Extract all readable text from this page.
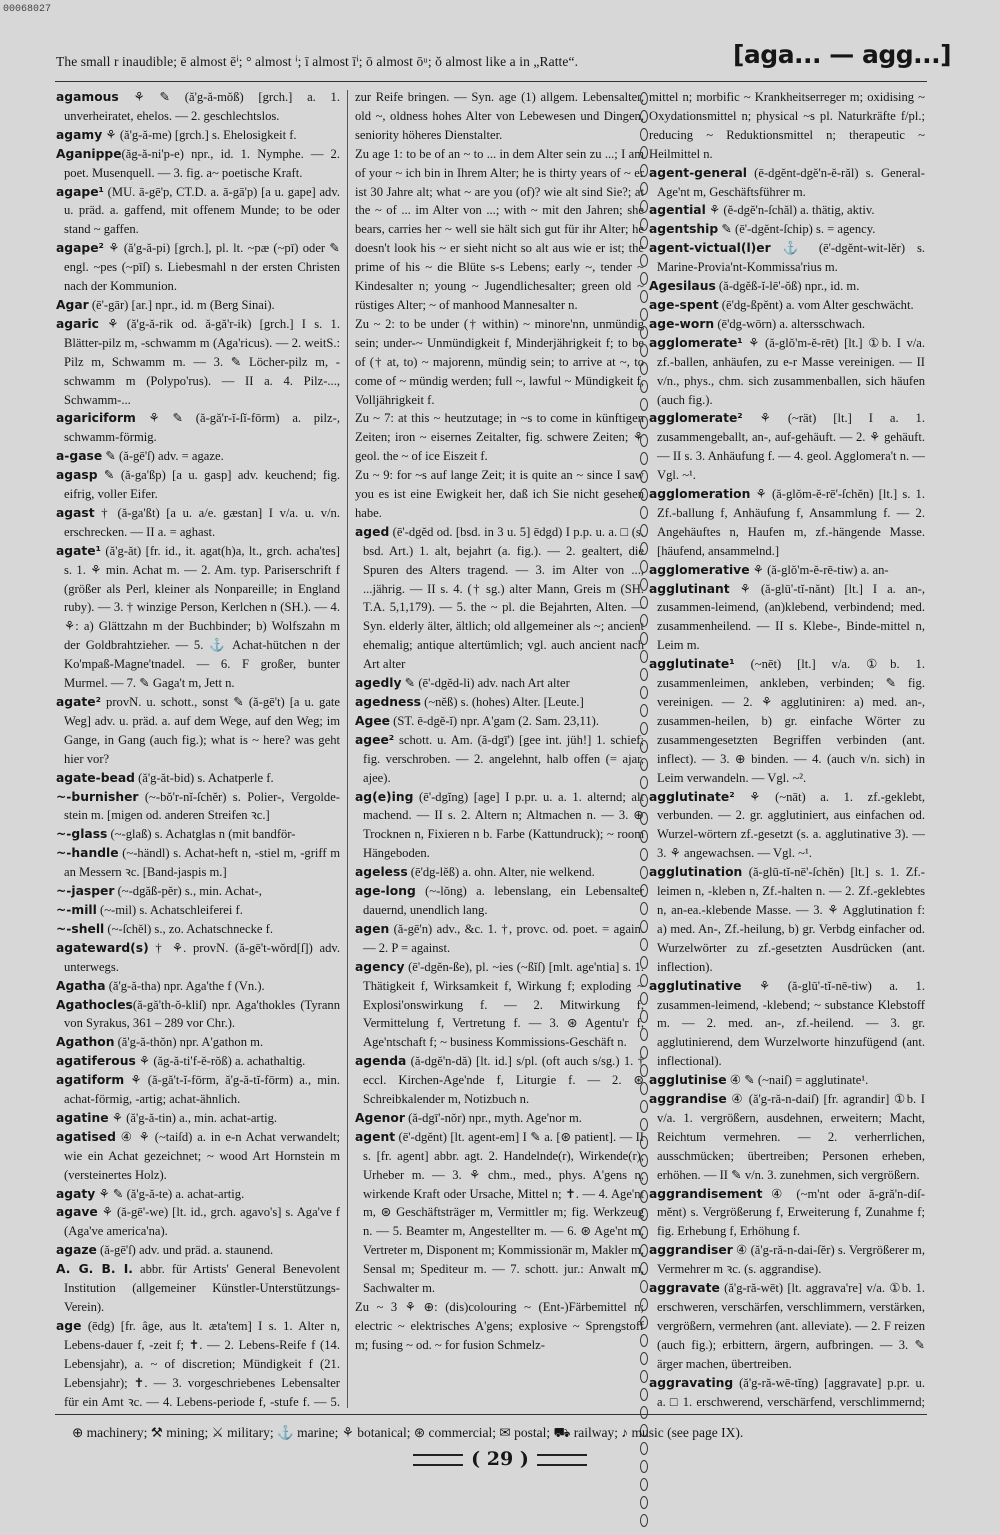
00068027
The small r inaudible; ē almost ēⁱ; ° almost ⁱ; ī almost īⁱ; ō almost ōᵘ; ŏ almost like a in „Ratte“.	[aga... — agg...]

agamous ⚘ ✎ (ă'g-ă-mŏß) [grch.] a. 1. unverheiratet, ehelos. — 2. geschlechtslos.

agamy ⚘ (ă'g-ă-me) [grch.] s. Ehelosigkeit f.

Aganippe(ăg-ă-ni'p-e) npr., id. 1. Nymphe. — 2. poet. Musenquell. — 3. fig. a~ poetische Kraft.

agape¹ (MU. ā-gē'p, CT.D. a. ā-gā'p) [a u. gape] adv. u. präd. a. gaffend, mit offenem Munde; to be oder stand ~ gaffen.

agape² ⚘ (ă'g-ă-pi) [grch.], pl. lt. ~pæ (~pī) oder ✎ engl. ~pes (~pīſ) s. Liebesmahl n der ersten Christen nach der Kommunion.

Agar (ē'-gār) [ar.] npr., id. m (Berg Sinai).

agaric ⚘ (ă'g-ă-rik od. ă-gă'r-ik) [grch.] I s. 1. Blätter-pilz m, -schwamm m (Aga'ricus). — 2. weitS.: Pilz m, Schwamm m. — 3. ✎ Löcher-pilz m, -schwamm m (Polypo'rus). — II a. 4. Pilz-..., Schwamm-...

agariciform ⚘ ✎ (ă-gă'r-ĭ-ſĭ-fōrm) a. pilz-, schwamm-förmig.

a-gase ✎ (ă-gē'ſ) adv. = agaze.

agasp ✎ (ă-ga'ßp) [a u. gasp] adv. keuchend; fig. eifrig, voller Eifer.

agast † (ă-ga'ßt) [a u. a/e. gæstan] I v/a. u. v/n. erschrecken. — II a. = aghast.

agate¹ (ă'g-ăt) [fr. id., it. agat(h)a, lt., grch. acha'tes] s. 1. ⚘ min. Achat m. — 2. Am. typ. Pariserschrift f (größer als Perl, kleiner als Nonpareille; in England ruby). — 3. † winzige Person, Kerlchen n (SH.). — 4. ⚘: a) Glättzahn m der Buchbinder; b) Wolfszahn m der Goldbrahtzieher. — 5. ⚓ Achat-hütchen n der Ko'mpaß-Magne'tnadel. — 6. F großer, bunter Murmel. — 7. ✎ Gaga't m, Jett n.

agate² provN. u. schott., sonst ✎ (ă-gē't) [a u. gate Weg] adv. u. präd. a. auf dem Wege, auf den Weg; im Gange, in Gang (auch fig.); what is ~ here? was geht hier vor?

agate-bead (ă'g-ăt-bid) s. Achatperle f.

~-burnisher (~-bŏ'r-nĭ-ſchĕr) s. Polier-, Vergolde-stein m. [migen od. anderen Streifen ꝛc.]

~-glass (~-glaß) s. Achatglas n (mit bandför-

~-handle (~-händl) s. Achat-heft n, -stiel m, -griff m an Messern ꝛc. [Band-jaspis m.]

~-jasper (~-dgăß-pĕr) s., min. Achat-,

~-mill (~-mil) s. Achatschleiferei f.

~-shell (~-ſchĕl) s., zo. Achatschnecke f.

agateward(s) † ⚘. provN. (ă-gē't-wŏrd[ſ]) adv. unterwegs.

Agatha (ă'g-ă-tha) npr. Aga'the f (Vn.).

Agathocles(ă-gă'th-ŏ-kliſ) npr. Aga'thokles (Tyrann von Syrakus, 361 – 289 vor Chr.).

Agathon (ă'g-ă-thŏn) npr. A'gathon m.

agatiferous ⚘ (ăg-ă-ti'f-ĕ-rŏß) a. achathaltig.

agatiform ⚘ (ă-gă't-ĭ-fōrm, ă'g-ă-tĭ-fōrm) a., min. achat-förmig, -artig; achat-ähnlich.

agatine ⚘ (ă'g-ă-tin) a., min. achat-artig.

agatised ④ ⚘ (~taiſd) a. in e-n Achat verwandelt; wie ein Achat gezeichnet; ~ wood Art Hornstein m (versteinertes Holz).

agaty ⚘ ✎ (ă'g-ă-te) a. achat-artig.

agave ⚘ (ă-gē'-we) [lt. id., grch. agavo's] s. Aga've f (Aga've america'na).

agaze (ă-gē'ſ) adv. und präd. a. staunend.

A. G. B. I. abbr. für Artists' General Benevolent Institution (allgemeiner Künstler-Unterstützungs-Verein).

age (ēdg) [fr. âge, aus lt. æta'tem] I s. 1. Alter n, Lebens-dauer f, -zeit f; ✝. — 2. Lebens-Reife f (14. Lebensjahr), a. ~ of discretion; Mündigkeit f (21. Lebensjahr); ✝. — 3. vorgeschriebenes Lebensalter für ein Amt ꝛc. — 4. Lebens-periode f, -stufe f. — 5.

zur Reife bringen. — Syn. age (1) allgem. Lebensalter, old ~, oldness hohes Alter von Lebewesen und Dingen, seniority höheres Dienstalter.

Zu age 1: to be of an ~ to ... in dem Alter sein zu ...; I am of your ~ ich bin in Ihrem Alter; he is thirty years of ~ er ist 30 Jahre alt; what ~ are you (of)? wie alt sind Sie?; at the ~ of ... im Alter von ...; with ~ mit den Jahren; she bears, carries her ~ well sie hält sich gut für ihr Alter; he doesn't look his ~ er sieht nicht so alt aus wie er ist; the prime of his ~ die Blüte s-s Lebens; early ~, tender ~ Kindesalter n; young ~ Jugendlichesalter; green old ~ rüstiges Alter; ~ of manhood Mannesalter n.

Zu ~ 2: to be under († within) ~ minore'nn, unmündig sein; under-~ Unmündigkeit f, Minderjährigkeit f; to be of († at, to) ~ majorenn, mündig sein; to arrive at ~, to come of ~ mündig werden; full ~, lawful ~ Mündigkeit f, Volljährigkeit f.

Zu ~ 7: at this ~ heutzutage; in ~s to come in künftigen Zeiten; iron ~ eisernes Zeitalter, fig. schwere Zeiten; ⚘ geol. the ~ of ice Eiszeit f.

Zu ~ 9: for ~s auf lange Zeit; it is quite an ~ since I saw you es ist eine Ewigkeit her, daß ich Sie nicht gesehen habe.

aged (ē'-dgĕd od. [bsd. in 3 u. 5] ēdgd) I p.p. u. a. □ (s. bsd. Art.) 1. alt, bejahrt (a. fig.). — 2. gealtert, die Spuren des Alters tragend. — 3. im Alter von ..., ...jährig. — II s. 4. († sg.) alter Mann, Greis m (SH. T.A. 5,1,179). — 5. the ~ pl. die Bejahrten, Alten. — Syn. elderly älter, ältlich; old allgemeiner als ~; ancient ehemalig; antique altertümlich; vgl. auch ancient nach Art alter

agedly ✎ (ē'-dgĕd-li) adv. nach Art alter

agedness (~nĕß) s. (hohes) Alter. [Leute.]

Agee (ST. ē-dgĕ-ĭ) npr. A'gam (2. Sam. 23,11).

agee² schott. u. Am. (ă-dgī') [gee int. jüh!] 1. schief; fig. verschroben. — 2. angelehnt, halb offen (= ajar, ajee).

ag(e)ing (ē'-dgĭng) [age] I p.pr. u. a. 1. alternd; alt machend. — II s. 2. Altern n; Altmachen n. — 3. ⊕ Trocknen n, Fixieren n b. Farbe (Kattundruck); ~ room Hängeboden.

ageless (ē'dg-lĕß) a. ohn. Alter, nie welkend.

age-long (~-lŏng) a. lebenslang, ein Lebensalter dauernd, unendlich lang.

agen (ă-gē'n) adv., &c. 1. †, provc. od. poet. = again. — 2. P = against.

agency (ē'-dgĕn-ße), pl. ~ies (~ßĭſ) [mlt. age'ntia] s. 1. Thätigkeit f, Wirksamkeit f, Wirkung f; exploding ~ Explosi'onswirkung f. — 2. Mitwirkung f, Vermittelung f, Vertretung f. — 3. ⊛ Agentu'r f, Age'ntschaft f; ~ business Kommissions-Geschäft n.

agenda (ă-dgĕ'n-dă) [lt. id.] s/pl. (oft auch s/sg.) 1. † eccl. Kirchen-Age'nde f, Liturgie f. — 2. ⊛ Schreibkalender m, Notizbuch n.

Agenor (ă-dgī'-nŏr) npr., myth. Age'nor m.

agent (ē'-dgĕnt) [lt. agent-em] I ✎ a. [⊛ patient]. — II s. [fr. agent] abbr. agt. 2. Handelnde(r), Wirkende(r), Urheber m. — 3. ⚘ chm., med., phys. A'gens n, wirkende Kraft oder Ursache, Mittel n; ✝. — 4. Age'nt m, ⊛ Geschäftsträger m, Vermittler m; fig. Werkzeug n. — 5. Beamter m, Angestellter m. — 6. ⊛ Age'nt m, Vertreter m, Disponent m; Kommissionär m, Makler m, Sensal m; Spediteur m. — 7. schott. jur.: Anwalt m, Sachwalter m.

Zu ~ 3 ⚘ ⊕: (dis)colouring ~ (Ent-)Färbemittel n; electric ~ elektrisches A'gens; explosive ~ Sprengstoff m; fusing ~ od. ~ for fusion Schmelz-

mittel n; morbific ~ Krankheitserreger m; oxidising ~ Oxydationsmittel n; physical ~s pl. Naturkräfte f/pl.; reducing ~ Reduktionsmittel n; therapeutic ~ Heilmittel n.

agent-general (ē-dgĕnt-dgĕ'n-ĕ-răl) s. General-Age'nt m, Geschäftsführer m.

agential ⚘ (ĕ-dgĕ'n-ſchăl) a. thätig, aktiv.

agentship ✎ (ē'-dgĕnt-ſchip) s. = agency.

agent-victual(l)er ⚓ (ē'-dgĕnt-wit-lĕr) s. Marine-Provia'nt-Kommissa'rius m.

Agesilaus (ă-dgĕß-ĭ-lē'-ŏß) npr., id. m.

age-spent (ē'dg-ßpĕnt) a. vom Alter geschwächt.

age-worn (ē'dg-wōrn) a. altersschwach.

agglomerate¹ ⚘ (ă-glŏ'm-ĕ-rēt) [lt.] ①b. I v/a. zf.-ballen, anhäufen, zu e-r Masse vereinigen. — II v/n., phys., chm. sich zusammenballen, sich häufen (auch fig.).

agglomerate² ⚘ (~rät) [lt.] I a. 1. zusammengeballt, an-, auf-gehäuft. — 2. ⚘ gehäuft. — II s. 3. Anhäufung f. — 4. geol. Agglomera't n. — Vgl. ~¹.

agglomeration ⚘ (ă-glŏm-ĕ-rē'-ſchĕn) [lt.] s. 1. Zf.-ballung f, Anhäufung f, Ansammlung f. — 2. Angehäuftes n, Haufen m, zf.-hängende Masse. [häufend, ansammelnd.]

agglomerative ⚘ (ă-glŏ'm-ĕ-rē-tiw) a. an-

agglutinant ⚘ (ă-glū'-tĭ-nănt) [lt.] I a. an-, zusammen-leimend, (an)klebend, verbindend; med. zusammenheilend. — II s. Klebe-, Binde-mittel n, Leim m.

agglutinate¹ (~nēt) [lt.] v/a. ①b. 1. zusammenleimen, ankleben, verbinden; ✎ fig. vereinigen. — 2. ⚘ agglutiniren: a) med. an-, zusammen-heilen, b) gr. einfache Wörter zu zusammengesetzten Begriffen verbinden (ant. inflect). — 3. ⊕ binden. — 4. (auch v/n. sich) in Leim verwandeln. — Vgl. ~².

agglutinate² ⚘ (~nāt) a. 1. zf.-geklebt, verbunden. — 2. gr. agglutiniert, aus einfachen od. Wurzel-wörtern zf.-gesetzt (s. a. agglutinative 3). — 3. ⚘ angewachsen. — Vgl. ~¹.

agglutination (ă-glū-tĭ-nē'-ſchĕn) [lt.] s. 1. Zf.-leimen n, -kleben n, Zf.-halten n. — 2. Zf.-geklebtes n, an-ea.-klebende Masse. — 3. ⚘ Agglutination f: a) med. An-, Zf.-heilung, b) gr. Verbdg einfacher od. Wurzelwörter zu zf.-gesetzten Ausdrücken (ant. inflection).

agglutinative ⚘ (ă-glū'-tĭ-nē-tiw) a. 1. zusammen-leimend, -klebend; ~ substance Klebstoff m. — 2. med. an-, zf.-heilend. — 3. gr. agglutinierend, dem Wurzelworte hinzufügend (ant. inflectional).

agglutinise ④ ✎ (~naiſ) = agglutinate¹.

aggrandise ④ (ă'g-ră-n-daiſ) [fr. agrandir] ①b. I v/a. 1. vergrößern, ausdehnen, erweitern; Macht, Reichtum vermehren. — 2. verherrlichen, ausschmücken; übertreiben; Personen erheben, erhöhen. — II ✎ v/n. 3. zunehmen, sich vergrößern.

aggrandisement ④ (~m'nt oder ă-gră'n-diſ-mĕnt) s. Vergrößerung f, Erweiterung f, Zunahme f; fig. Erhebung f, Erhöhung f.

aggrandiser ④ (ă'g-ră-n-dai-ſĕr) s. Vergrößerer m, Vermehrer m ꝛc. (s. aggrandise).

aggravate (ă'g-ră-wēt) [lt. aggrava're] v/a. ①b. 1. erschweren, verschärfen, verschlimmern, verstärken, vergrößern, vermehren (ant. alleviate). — 2. F reizen (auch fig.); erbittern, ärgern, aufbringen. — 3. ✎ ärger machen, übertreiben.

aggravating (ă'g-ră-wē-tĭng) [aggravate] p.pr. u. a. □ 1. erschwerend, verschärfend, verschlimmernd;

⊕ machinery; ⚒ mining; ⚔ military; ⚓ marine; ⚘ botanical; ⊛ commercial; ✉ postal; ⛟ railway; ♪ music (see page IX).
( 29 )
